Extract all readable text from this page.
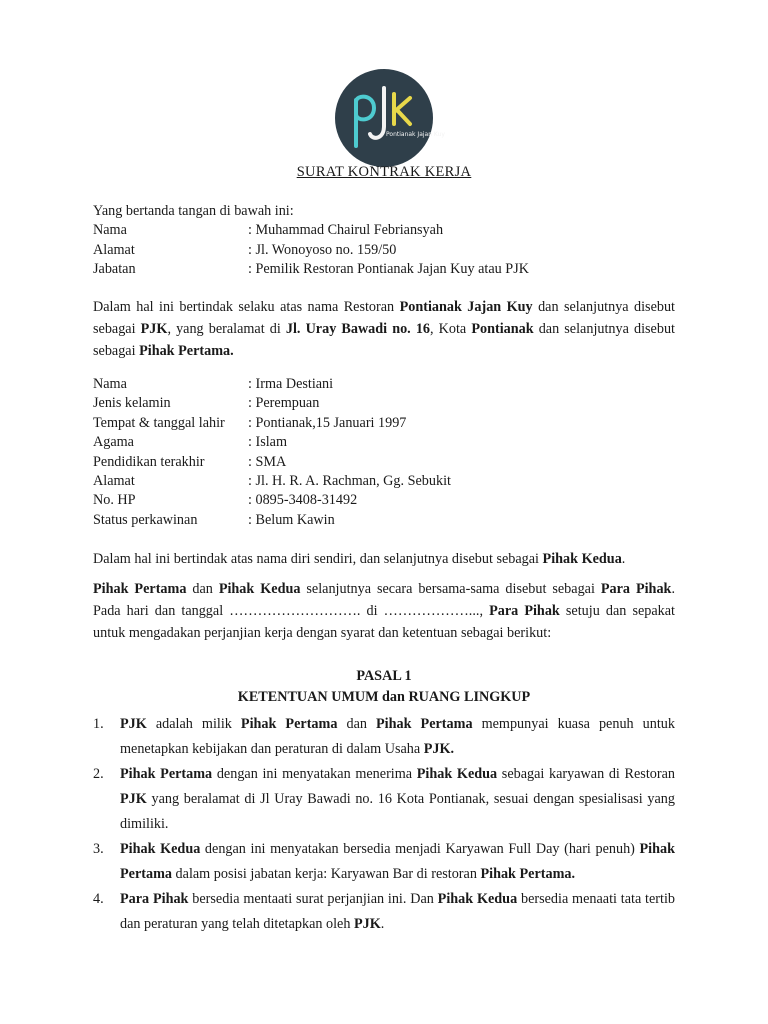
Pontianak Jajan Kuy
SURAT KONTRAK KERJA
Yang bertanda tangan di bawah ini:
Nama	: Muhammad Chairul Febriansyah
Alamat	: Jl. Wonoyoso no. 159/50
Jabatan	: Pemilik Restoran Pontianak Jajan Kuy atau PJK
Dalam hal ini bertindak selaku atas nama Restoran Pontianak Jajan Kuy dan selanjutnya disebut sebagai PJK, yang beralamat di Jl. Uray Bawadi no. 16, Kota Pontianak dan selanjutnya disebut sebagai Pihak Pertama.
Nama	: Irma Destiani
Jenis kelamin	: Perempuan
Tempat & tanggal lahir	: Pontianak,15 Januari 1997
Agama	: Islam
Pendidikan terakhir	: SMA
Alamat	: Jl. H. R. A. Rachman, Gg. Sebukit
No. HP	: 0895-3408-31492
Status perkawinan	: Belum Kawin
Dalam hal ini bertindak atas nama diri sendiri, dan selanjutnya disebut sebagai Pihak Kedua.
Pihak Pertama dan Pihak Kedua selanjutnya secara bersama-sama disebut sebagai Para Pihak. Pada hari dan tanggal ………………………. di ………………..., Para Pihak setuju dan sepakat untuk mengadakan perjanjian kerja dengan syarat dan ketentuan sebagai berikut:
PASAL 1
KETENTUAN UMUM dan RUANG LINGKUP
1. PJK adalah milik Pihak Pertama dan Pihak Pertama mempunyai kuasa penuh untuk menetapkan kebijakan dan peraturan di dalam Usaha PJK.
2. Pihak Pertama dengan ini menyatakan menerima Pihak Kedua sebagai karyawan di Restoran PJK yang beralamat di Jl Uray Bawadi no. 16 Kota Pontianak, sesuai dengan spesialisasi yang dimiliki.
3. Pihak Kedua dengan ini menyatakan bersedia menjadi Karyawan Full Day (hari penuh) Pihak Pertama dalam posisi jabatan kerja: Karyawan Bar di restoran Pihak Pertama.
4. Para Pihak bersedia mentaati surat perjanjian ini. Dan Pihak Kedua bersedia menaati tata tertib dan peraturan yang telah ditetapkan oleh PJK.
